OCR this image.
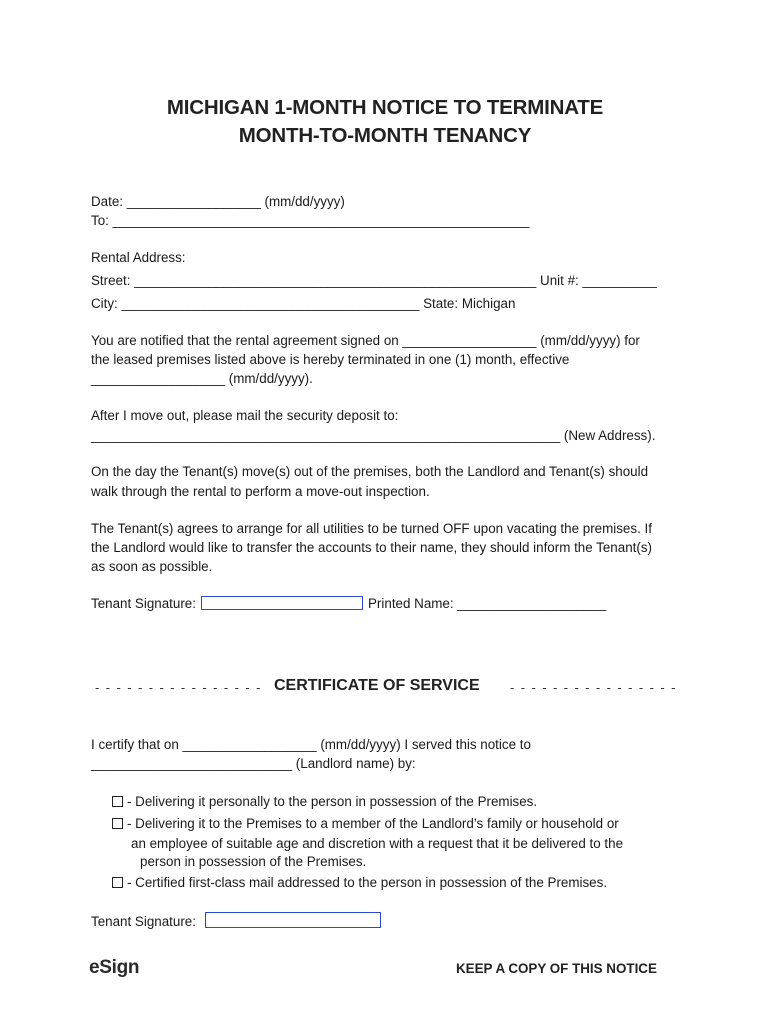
MICHIGAN 1-MONTH NOTICE TO TERMINATE
MONTH-TO-MONTH TENANCY
Date: __________________ (mm/dd/yyyy)
To: ________________________________________________________
Rental Address:
Street: ______________________________________________________ Unit #: __________
City: ________________________________________ State: Michigan
You are notified that the rental agreement signed on __________________ (mm/dd/yyyy) for
the leased premises listed above is hereby terminated in one (1) month, effective
__________________ (mm/dd/yyyy).
After I move out, please mail the security deposit to:
_______________________________________________________________ (New Address).
On the day the Tenant(s) move(s) out of the premises, both the Landlord and Tenant(s) should
walk through the rental to perform a move-out inspection.
The Tenant(s) agrees to arrange for all utilities to be turned OFF upon vacating the premises. If
the Landlord would like to transfer the accounts to their name, they should inform the Tenant(s)
as soon as possible.
Tenant Signature:	Printed Name: ____________________
- - - - - - - - - - - - - - - - CERTIFICATE OF SERVICE - - - - - - - - - - - - - - - -
I certify that on __________________ (mm/dd/yyyy) I served this notice to
___________________________ (Landlord name) by:
- Delivering it personally to the person in possession of the Premises.
- Delivering it to the Premises to a member of the Landlord’s family or household or
an employee of suitable age and discretion with a request that it be delivered to the
person in possession of the Premises.
- Certified first-class mail addressed to the person in possession of the Premises.
Tenant Signature:
eSign	KEEP A COPY OF THIS NOTICE
